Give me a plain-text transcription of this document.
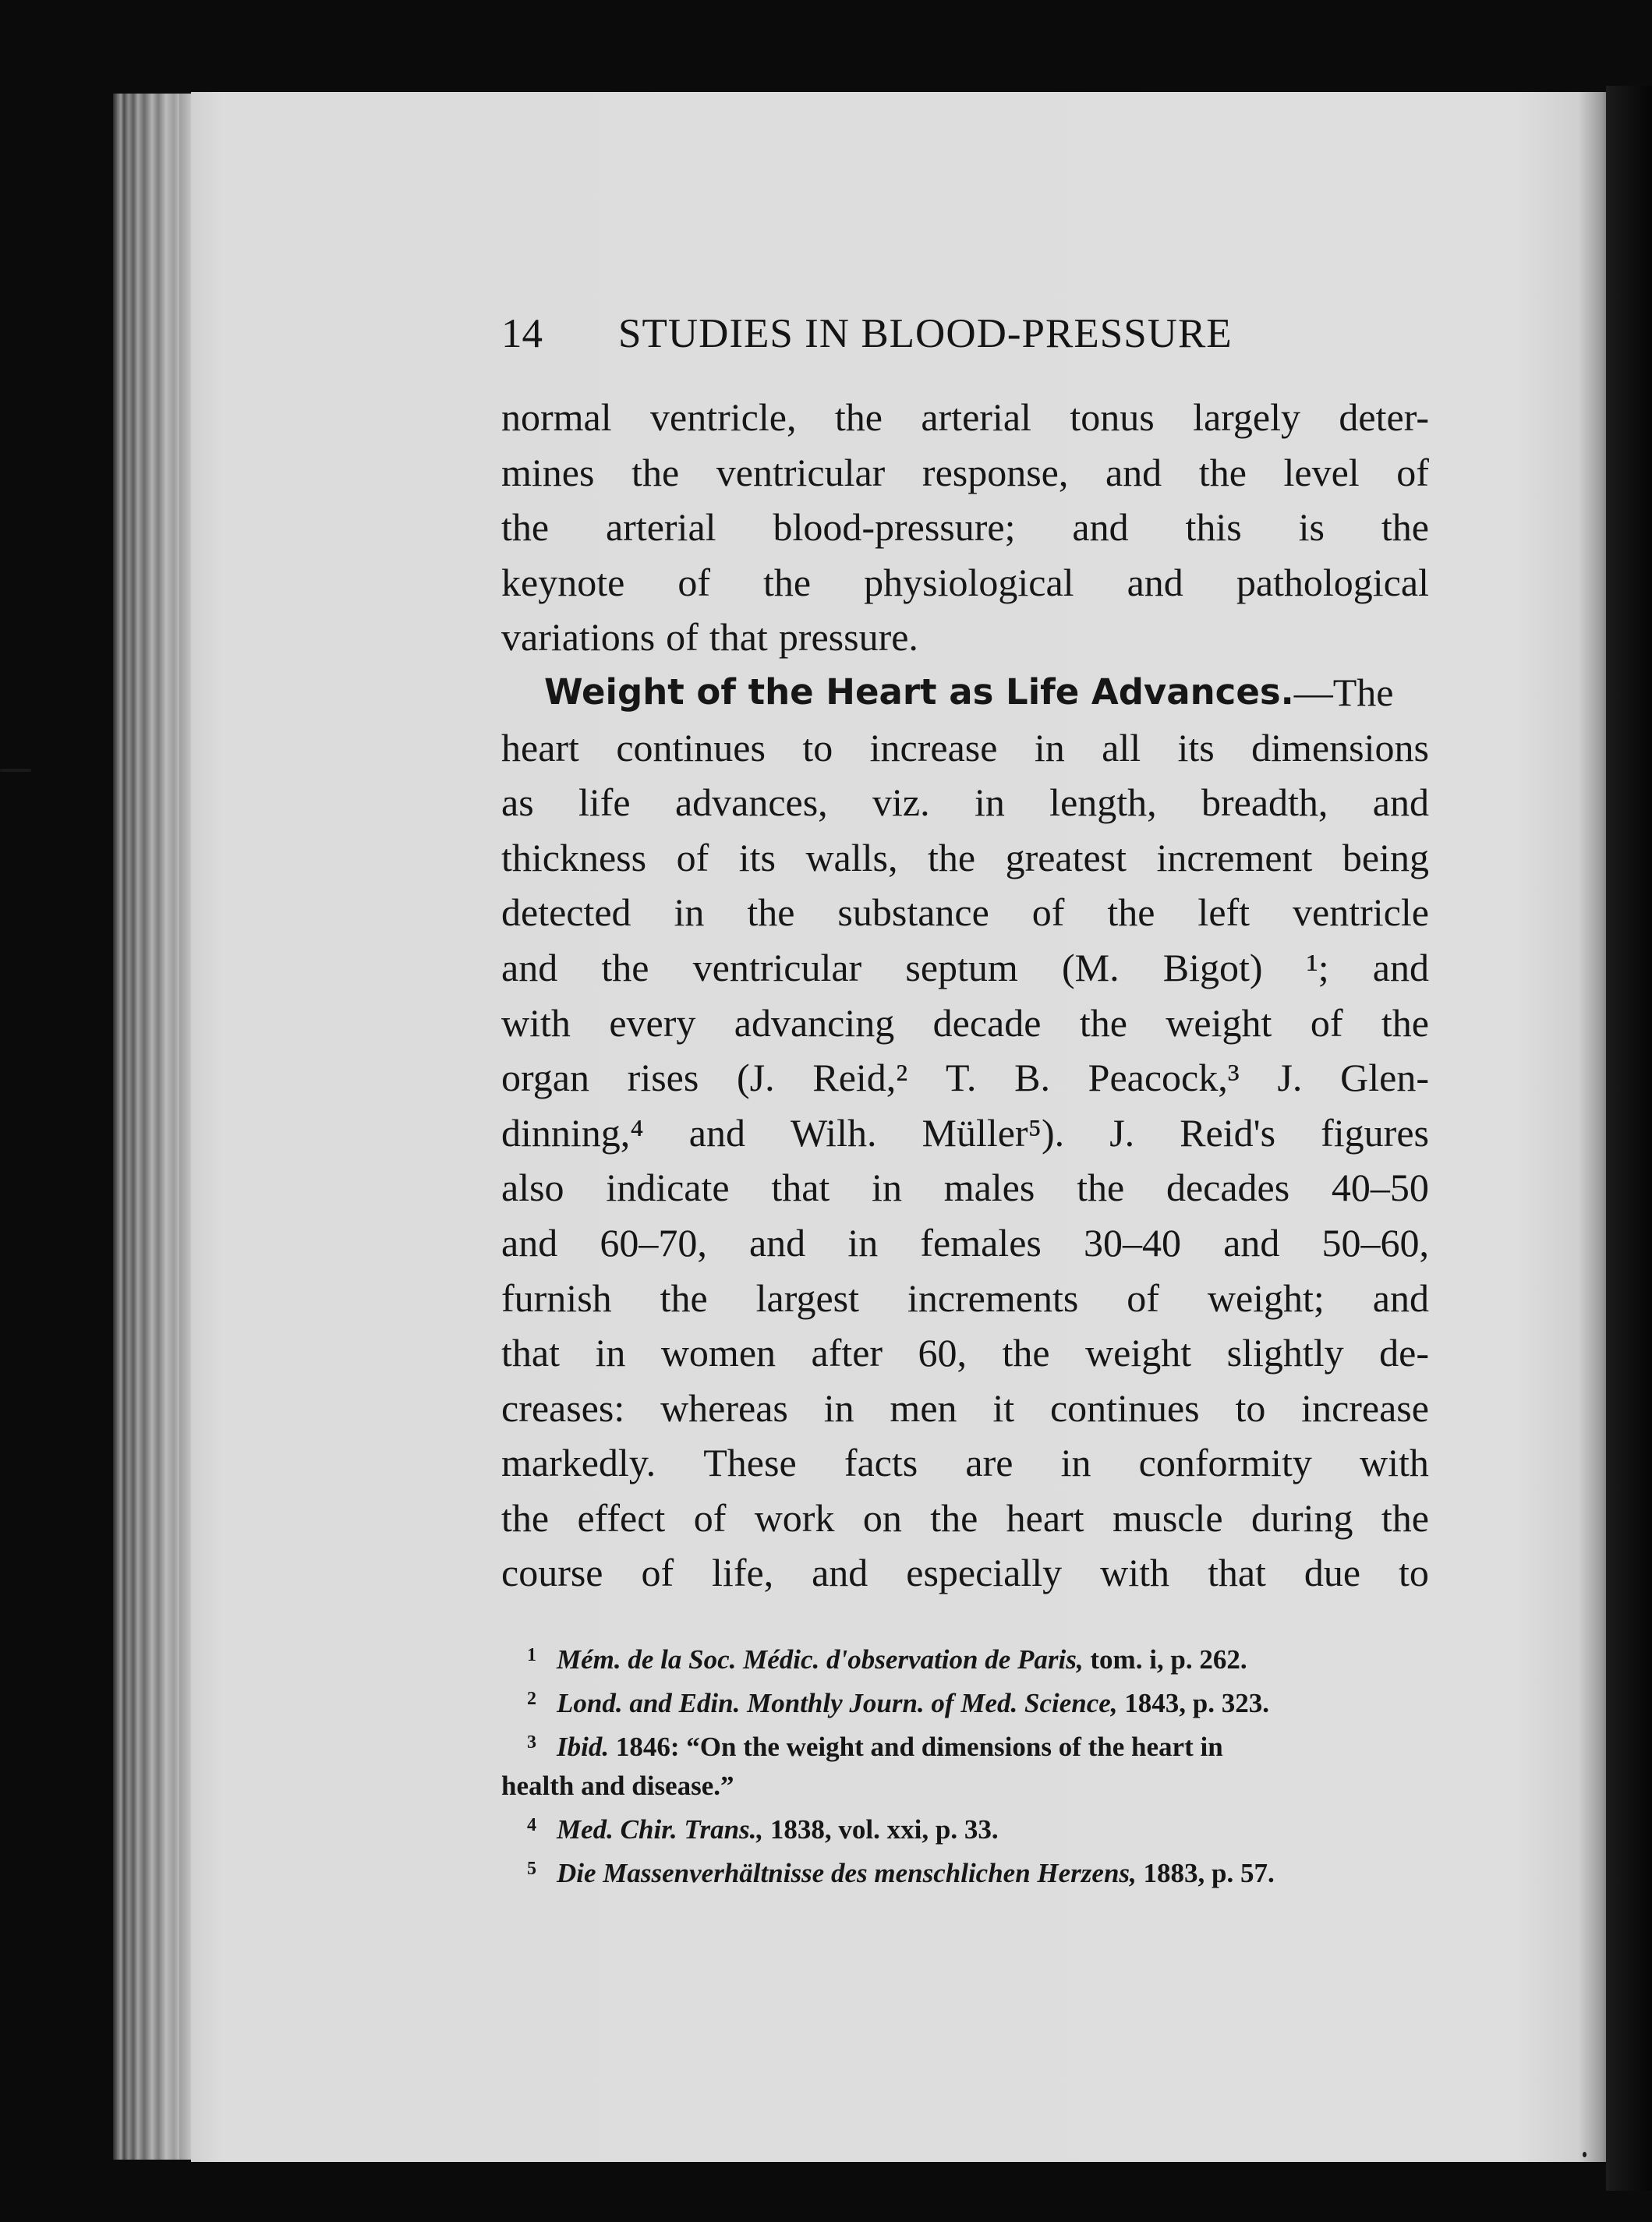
14 STUDIES IN BLOOD-PRESSURE
normal ventricle, the arterial tonus largely deter-
mines the ventricular response, and the level of
the arterial blood-pressure; and this is the
keynote of the physiological and pathological
variations of that pressure.
Weight of the Heart as Life Advances. —The
heart continues to increase in all its dimensions
as life advances, viz. in length, breadth, and
thickness of its walls, the greatest increment being
detected in the substance of the left ventricle
and the ventricular septum (M. Bigot) ¹; and
with every advancing decade the weight of the
organ rises (J. Reid,² T. B. Peacock,³ J. Glen-
dinning,⁴ and Wilh. Müller⁵). J. Reid's figures
also indicate that in males the decades 40–50
and 60–70, and in females 30–40 and 50–60,
furnish the largest increments of weight; and
that in women after 60, the weight slightly de-
creases: whereas in men it continues to increase
markedly. These facts are in conformity with
the effect of work on the heart muscle during the
course of life, and especially with that due to
1 Mém. de la Soc. Médic. d'observation de Paris, tom. i, p. 262.
2 Lond. and Edin. Monthly Journ. of Med. Science, 1843, p. 323.
3 Ibid. 1846: “On the weight and dimensions of the heart in
health and disease.”
4 Med. Chir. Trans., 1838, vol. xxi, p. 33.
5 Die Massenverhältnisse des menschlichen Herzens, 1883, p. 57.
